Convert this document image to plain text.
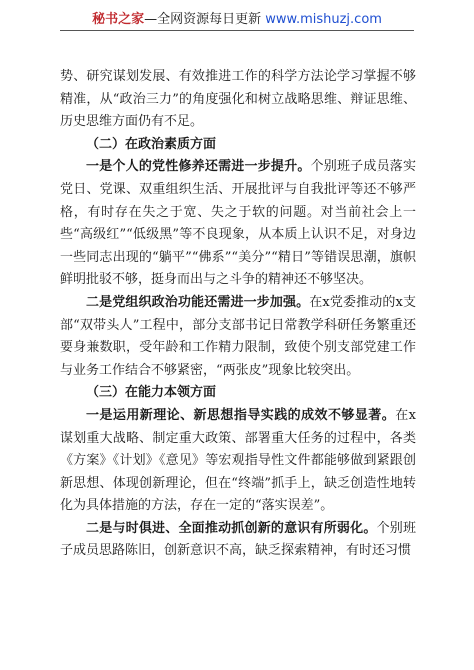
秘书之家—全网资源每日更新 www.mishuzj.com

势、研究谋划发展、有效推进工作的科学方法论学习掌握不够精准，从“政治三力”的角度强化和树立战略思维、辩证思维、历史思维方面仍有不足。

（二）在政治素质方面

一是个人的党性修养还需进一步提升。个别班子成员落实党日、党课、双重组织生活、开展批评与自我批评等还不够严格，有时存在失之于宽、失之于软的问题。对当前社会上一些“高级红”“低级黑”等不良现象，从本质上认识不足，对身边一些同志出现的“躺平”“佛系”“美分”“精日”等错误思潮，旗帜鲜明批驳不够，挺身而出与之斗争的精神还不够坚决。

二是党组织政治功能还需进一步加强。在x党委推动的x支部“双带头人”工程中，部分支部书记日常教学科研任务繁重还要身兼数职，受年龄和工作精力限制，致使个别支部党建工作与业务工作结合不够紧密，“两张皮”现象比较突出。

（三）在能力本领方面

一是运用新理论、新思想指导实践的成效不够显著。在x谋划重大战略、制定重大政策、部署重大任务的过程中，各类《方案》《计划》《意见》等宏观指导性文件都能够做到紧跟创新思想、体现创新理论，但在“终端”抓手上，缺乏创造性地转化为具体措施的方法，存在一定的“落实误差”。

二是与时俱进、全面推动抓创新的意识有所弱化。个别班子成员思路陈旧，创新意识不高，缺乏探索精神，有时还习惯
